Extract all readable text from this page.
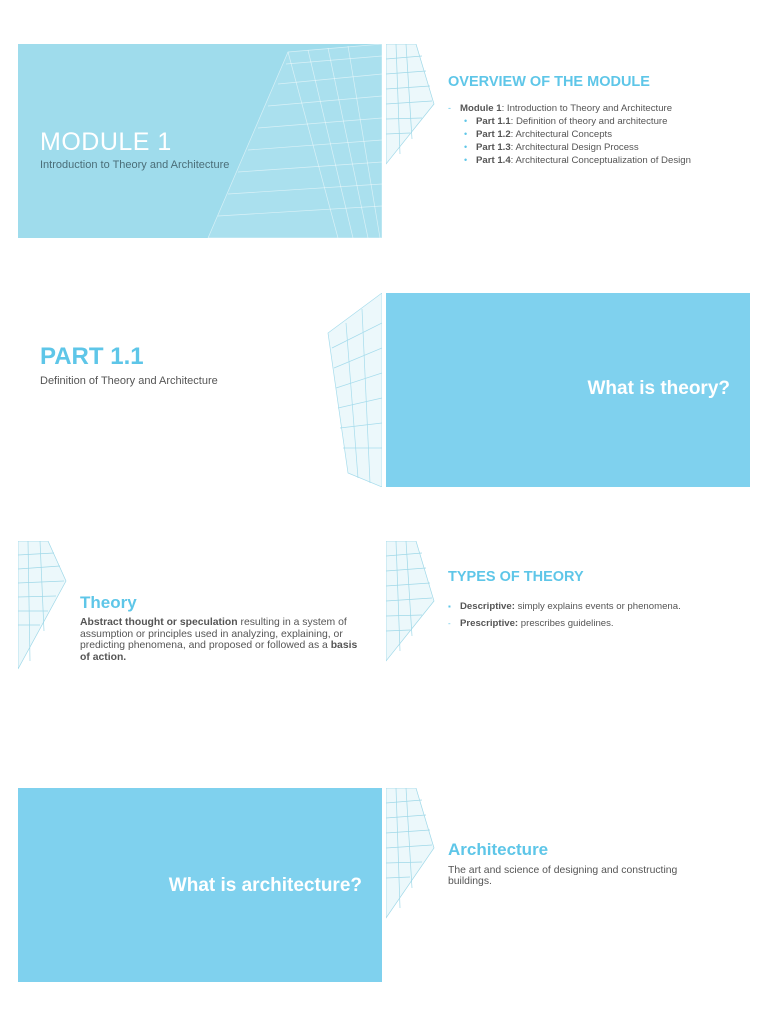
MODULE 1
Introduction to Theory and Architecture
OVERVIEW OF THE MODULE
- Module 1: Introduction to Theory and Architecture
• Part 1.1: Definition of theory and architecture
• Part 1.2: Architectural Concepts
• Part 1.3: Architectural Design Process
• Part 1.4: Architectural Conceptualization of Design
PART 1.1
Definition of Theory and Architecture	What is theory?
Theory
Abstract thought or speculation resulting in a system of assumption or principles used in analyzing, explaining, or predicting phenomena, and proposed or followed as a basis of action.
TYPES OF THEORY
▪ Descriptive: simply explains events or phenomena.
- Prescriptive: prescribes guidelines.
What is architecture?
Architecture
The art and science of designing and constructing buildings.
